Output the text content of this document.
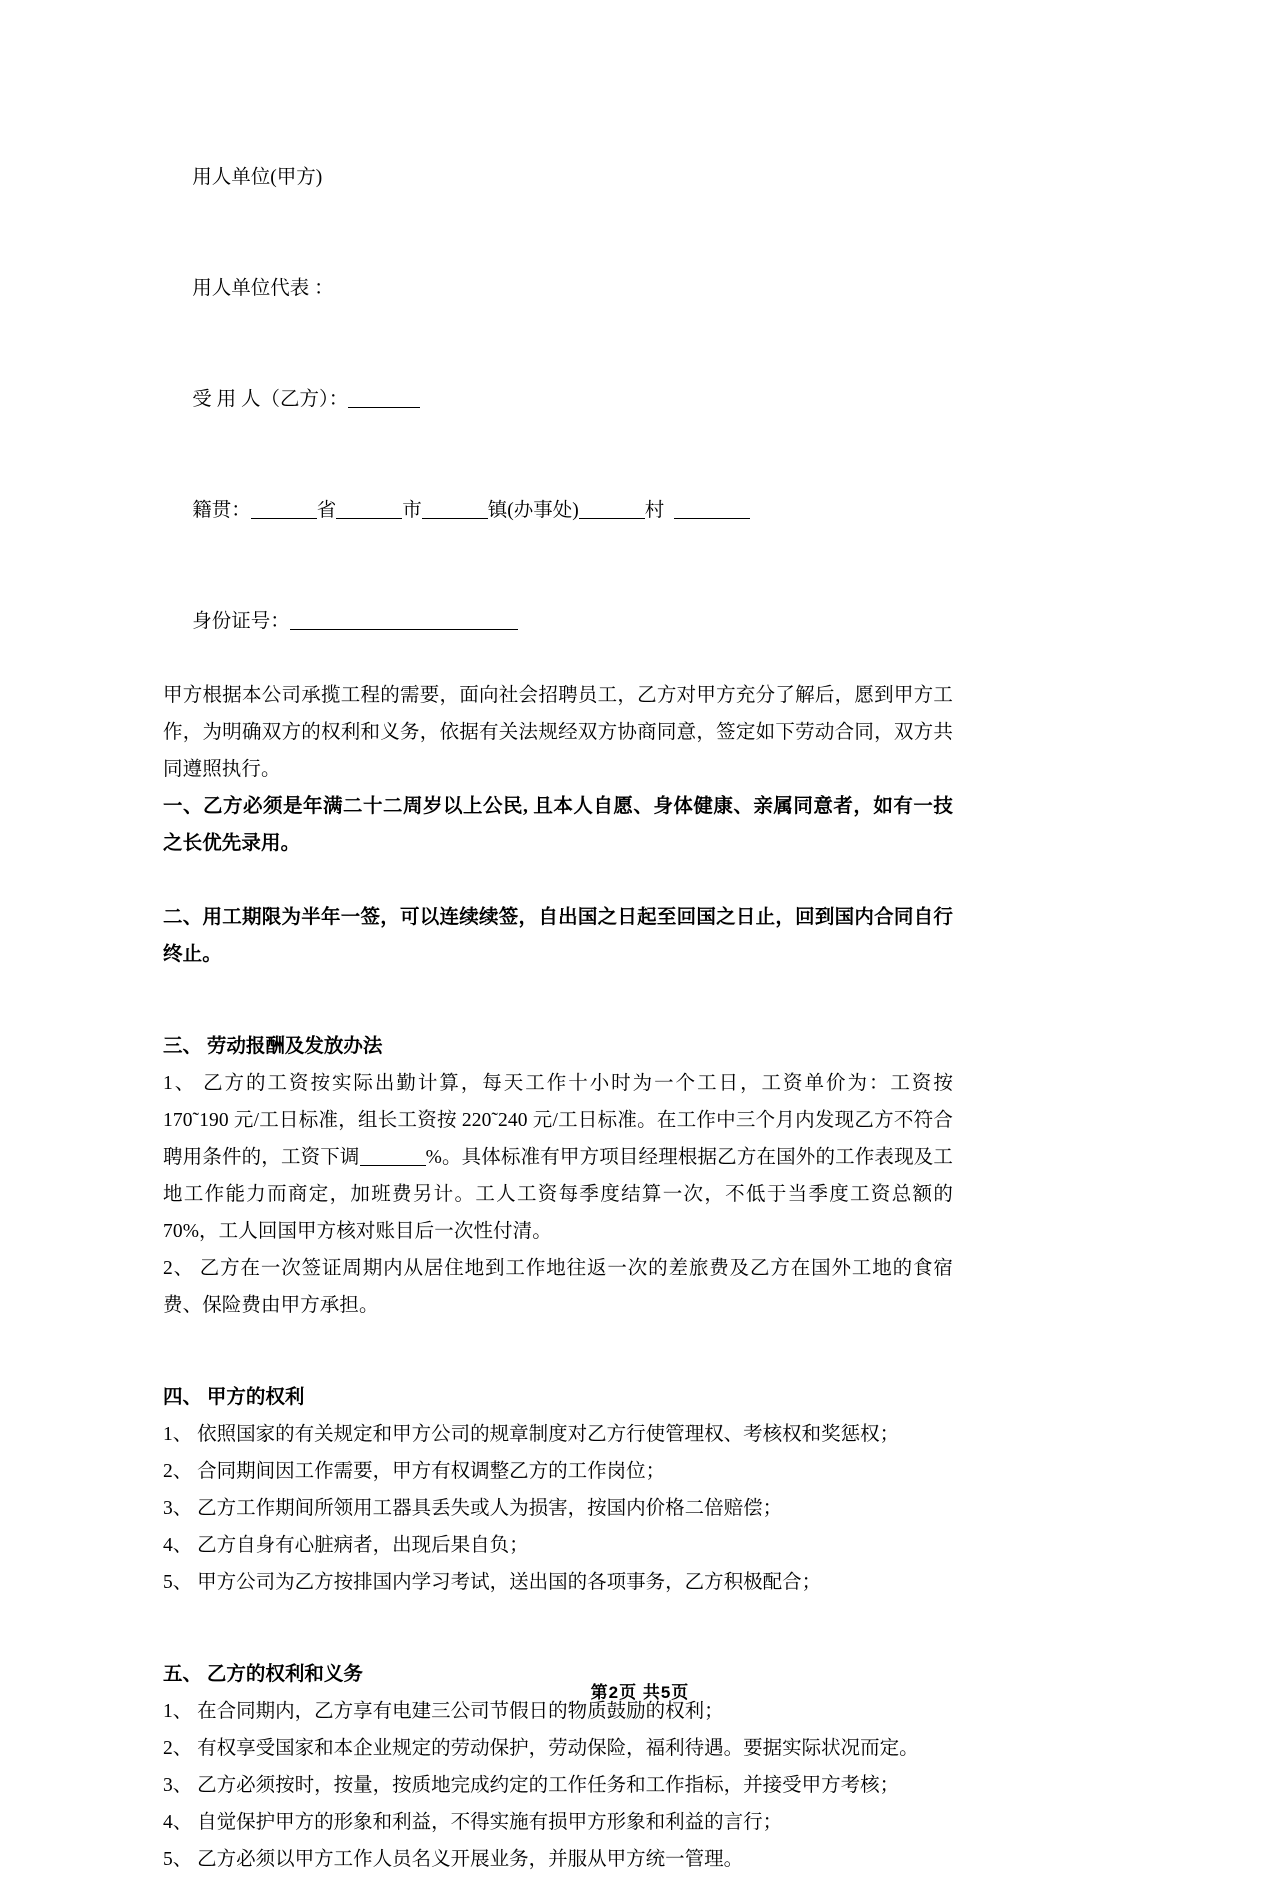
用人单位(甲方)

用人单位代表 ：

受 用 人（乙方）：

籍贯：	省	市	镇(办事处)	村

身份证号：

甲方根据本公司承揽工程的需要，面向社会招聘员工，乙方对甲方充分了解后，愿到甲方工作，为明确双方的权利和义务，依据有关法规经双方协商同意，签定如下劳动合同，双方共同遵照执行。

一、乙方必须是年满二十二周岁以上公民, 且本人自愿、身体健康、亲属同意者，如有一技之长优先录用。

二、用工期限为半年一签，可以连续续签，自出国之日起至回国之日止，回到国内合同自行终止。

三、 劳动报酬及发放办法

1、 乙方的工资按实际出勤计算，每天工作十小时为一个工日，工资单价为：工资按 170˜190 元/工日标准，组长工资按 220˜240 元/工日标准。在工作中三个月内发现乙方不符合聘用条件的，工资下调	%。具体标准有甲方项目经理根据乙方在国外的工作表现及工地工作能力而商定，加班费另计。工人工资每季度结算一次，不低于当季度工资总额的 70%，工人回国甲方核对账目后一次性付清。

2、 乙方在一次签证周期内从居住地到工作地往返一次的差旅费及乙方在国外工地的食宿费、保险费由甲方承担。

四、 甲方的权利

1、 依照国家的有关规定和甲方公司的规章制度对乙方行使管理权、考核权和奖惩权；

2、 合同期间因工作需要，甲方有权调整乙方的工作岗位；

3、 乙方工作期间所领用工器具丢失或人为损害，按国内价格二倍赔偿；

4、 乙方自身有心脏病者，出现后果自负；

5、 甲方公司为乙方按排国内学习考试，送出国的各项事务，乙方积极配合；

五、 乙方的权利和义务

1、 在合同期内，乙方享有电建三公司节假日的物质鼓励的权利；

2、 有权享受国家和本企业规定的劳动保护，劳动保险，福利待遇。要据实际状况而定。

3、 乙方必须按时，按量，按质地完成约定的工作任务和工作指标，并接受甲方考核；

4、 自觉保护甲方的形象和利益，不得实施有损甲方形象和利益的言行；

5、 乙方必须以甲方工作人员名义开展业务，并服从甲方统一管理。

第2页 共5页
